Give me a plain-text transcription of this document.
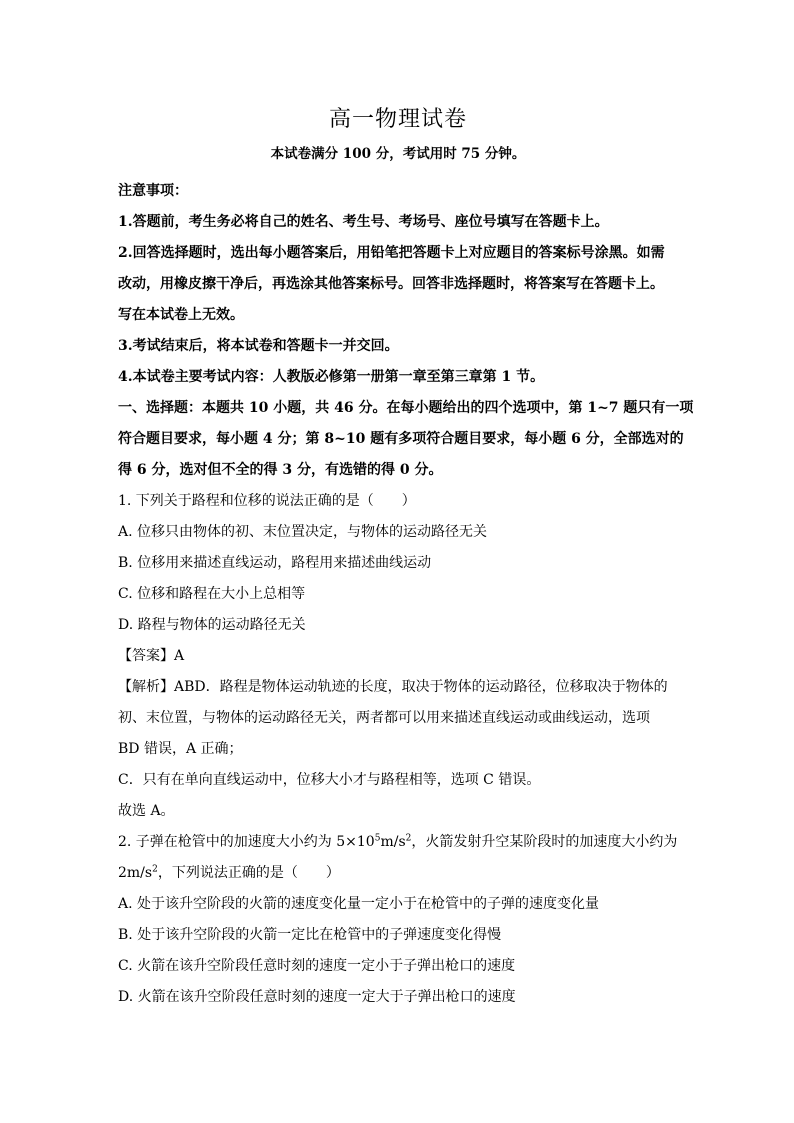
高一物理试卷
本试卷满分 100 分，考试用时 75 分钟。

注意事项：

1.答题前，考生务必将自己的姓名、考生号、考场号、座位号填写在答题卡上。

2.回答选择题时，选出每小题答案后，用铅笔把答题卡上对应题目的答案标号涂黑。如需

改动，用橡皮擦干净后，再选涂其他答案标号。回答非选择题时，将答案写在答题卡上。

写在本试卷上无效。

3.考试结束后，将本试卷和答题卡一并交回。

4.本试卷主要考试内容：人教版必修第一册第一章至第三章第 1 节。

一、选择题：本题共 10 小题，共 46 分。在每小题给出的四个选项中，第 1~7 题只有一项

符合题目要求，每小题 4 分；第 8~10 题有多项符合题目要求，每小题 6 分，全部选对的

得 6 分，选对但不全的得 3 分，有选错的得 0 分。

1. 下列关于路程和位移的说法正确的是（　　）

A. 位移只由物体的初、末位置决定，与物体的运动路径无关

B. 位移用来描述直线运动，路程用来描述曲线运动

C. 位移和路程在大小上总相等

D. 路程与物体的运动路径无关

【答案】A

【解析】ABD．路程是物体运动轨迹的长度，取决于物体的运动路径，位移取决于物体的

初、末位置，与物体的运动路径无关，两者都可以用来描述直线运动或曲线运动，选项

BD 错误，A 正确；

C．只有在单向直线运动中，位移大小才与路程相等，选项 C 错误。

故选 A。

2. 子弹在枪管中的加速度大小约为 $5\times 10^5m/s^2$，火箭发射升空某阶段时的加速度大小约为

$2m/s^2$，下列说法正确的是（　　）

A. 处于该升空阶段的火箭的速度变化量一定小于在枪管中的子弹的速度变化量

B. 处于该升空阶段的火箭一定比在枪管中的子弹速度变化得慢

C. 火箭在该升空阶段任意时刻的速度一定小于子弹出枪口的速度

D. 火箭在该升空阶段任意时刻的速度一定大于子弹出枪口的速度
